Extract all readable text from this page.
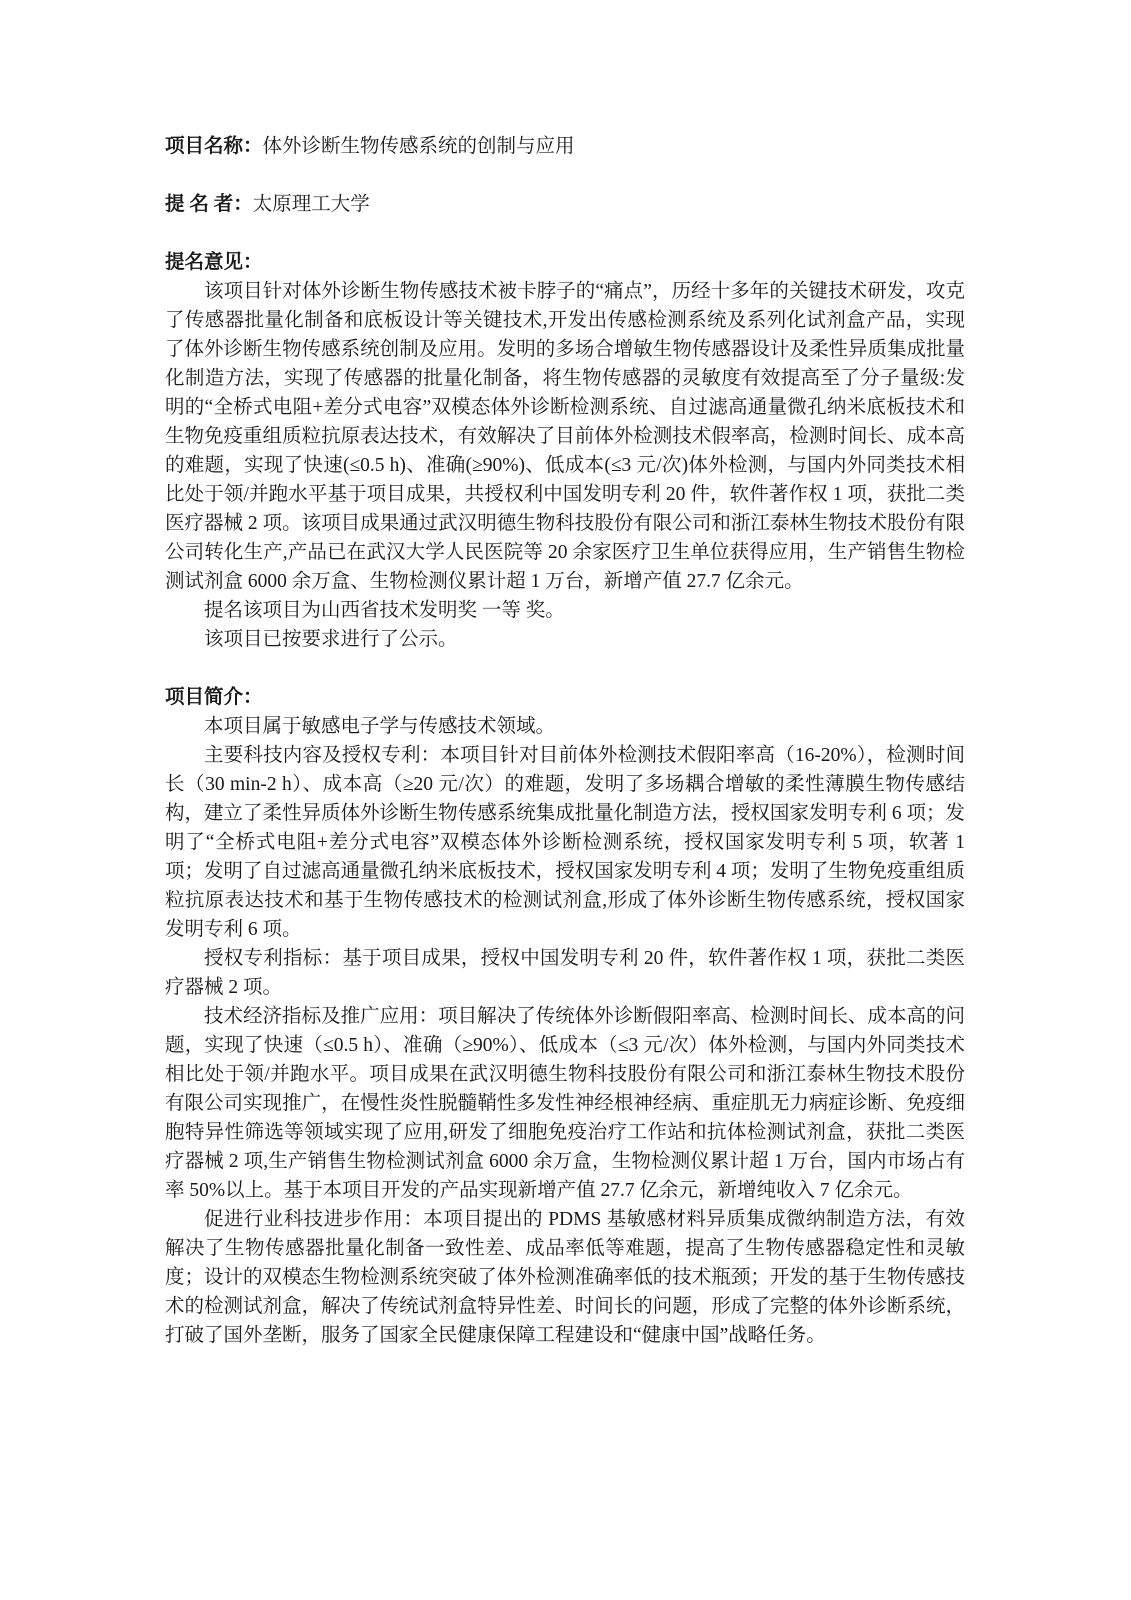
项目名称：体外诊断生物传感系统的创制与应用
提 名 者：太原理工大学
提名意见：

该项目针对体外诊断生物传感技术被卡脖子的“痛点”，历经十多年的关键技术研发，攻克了传感器批量化制备和底板设计等关键技术,开发出传感检测系统及系列化试剂盒产品，实现了体外诊断生物传感系统创制及应用。发明的多场合增敏生物传感器设计及柔性异质集成批量化制造方法，实现了传感器的批量化制备，将生物传感器的灵敏度有效提高至了分子量级:发明的“全桥式电阻+差分式电容”双模态体外诊断检测系统、自过滤高通量微孔纳米底板技术和生物免疫重组质粒抗原表达技术，有效解决了目前体外检测技术假率高，检测时间长、成本高的难题，实现了快速(≤0.5 h)、准确(≥90%)、低成本(≤3 元/次)体外检测，与国内外同类技术相比处于领/并跑水平基于项目成果，共授权利中国发明专利 20 件，软件著作权 1 项，获批二类医疗器械 2 项。该项目成果通过武汉明德生物科技股份有限公司和浙江泰林生物技术股份有限公司转化生产,产品已在武汉大学人民医院等 20 余家医疗卫生单位获得应用，生产销售生物检测试剂盒 6000 余万盒、生物检测仪累计超 1 万台，新增产值 27.7 亿余元。

提名该项目为山西省技术发明奖 一等 奖。

该项目已按要求进行了公示。

项目简介：

本项目属于敏感电子学与传感技术领域。

主要科技内容及授权专利：本项目针对目前体外检测技术假阳率高（16-20%），检测时间长（30 min-2 h）、成本高（≥20 元/次）的难题，发明了多场耦合增敏的柔性薄膜生物传感结构，建立了柔性异质体外诊断生物传感系统集成批量化制造方法，授权国家发明专利 6 项；发明了“全桥式电阻+差分式电容”双模态体外诊断检测系统，授权国家发明专利 5 项，软著 1 项；发明了自过滤高通量微孔纳米底板技术，授权国家发明专利 4 项；发明了生物免疫重组质粒抗原表达技术和基于生物传感技术的检测试剂盒,形成了体外诊断生物传感系统，授权国家发明专利 6 项。

授权专利指标：基于项目成果，授权中国发明专利 20 件，软件著作权 1 项，获批二类医疗器械 2 项。

技术经济指标及推广应用：项目解决了传统体外诊断假阳率高、检测时间长、成本高的问题，实现了快速（≤0.5 h）、准确（≥90%）、低成本（≤3 元/次）体外检测，与国内外同类技术相比处于领/并跑水平。项目成果在武汉明德生物科技股份有限公司和浙江泰林生物技术股份有限公司实现推广，在慢性炎性脱髓鞘性多发性神经根神经病、重症肌无力病症诊断、免疫细胞特异性筛选等领域实现了应用,研发了细胞免疫治疗工作站和抗体检测试剂盒，获批二类医疗器械 2 项,生产销售生物检测试剂盒 6000 余万盒，生物检测仪累计超 1 万台，国内市场占有率 50%以上。基于本项目开发的产品实现新增产值 27.7 亿余元，新增纯收入 7 亿余元。

促进行业科技进步作用：本项目提出的 PDMS 基敏感材料异质集成微纳制造方法，有效解决了生物传感器批量化制备一致性差、成品率低等难题，提高了生物传感器稳定性和灵敏度；设计的双模态生物检测系统突破了体外检测准确率低的技术瓶颈；开发的基于生物传感技术的检测试剂盒，解决了传统试剂盒特异性差、时间长的问题，形成了完整的体外诊断系统，打破了国外垄断，服务了国家全民健康保障工程建设和“健康中国”战略任务。
